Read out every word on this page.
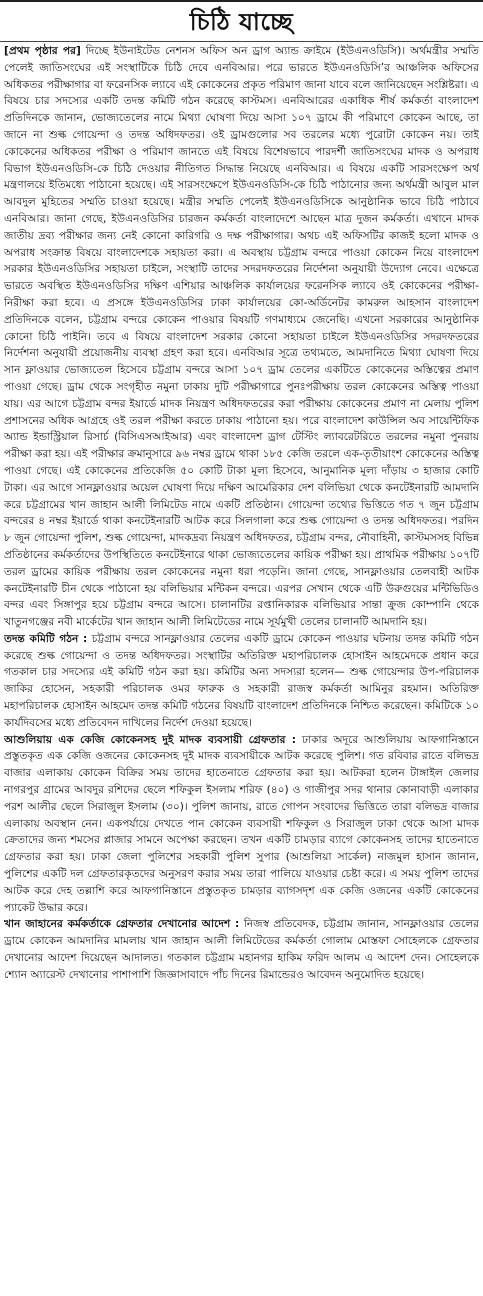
চিঠি যাচ্ছে

[প্রথম পৃষ্ঠার পর] দিচ্ছে ইউনাইটেড নেশনস অফিস অন ড্রাগ অ্যান্ড ক্রাইমে (ইউএনওডিসি)। অর্থমন্ত্রীর সম্মতি পেলেই জাতিসংঘের এই সংস্থাটিকে চিঠি দেবে এনবিআর। পরে ভারতে ইউএনওডিসি’র আঞ্চলিক অফিসের অধিকতর পরীক্ষাগার বা ফরেনসিক ল্যাবে এই কোকেনের প্রকৃত পরিমাণ জানা যাবে বলে জানিয়েছেন সংশ্লিষ্টরা। এ বিষয়ে চার সদস্যের একটি তদন্ত কমিটি গঠন করেছে কাস্টমস। এনবিআরের একাধিক শীর্ষ কর্মকর্তা বাংলাদেশ প্রতিদিনকে জানান, ভোজ্যতেলের নামে মিথ্যা ঘোষণা দিয়ে আসা ১০৭ ড্রামে কী পরিমাণে কোকেন আছে, তা জানে না শুল্ক গোয়েন্দা ও তদন্ত অধিদফতর। ওই ড্রামগুলোর সব তরলের মধ্যে পুরোটা কোকেন নয়। তাই কোকেনের অধিকতর পরীক্ষা ও পরিমাণ জানতে এই বিষয়ে বিশেষভাবে পারদর্শী জাতিসংঘের মাদক ও অপরাধ বিভাগ ইউএনওডিসি-কে চিঠি দেওয়ার নীতিগত সিদ্ধান্ত নিয়েছে এনবিআর। এ বিষয়ে একটি সারসংক্ষেপ অর্থ মন্ত্রণালয়ে ইতিমধ্যে পাঠানো হয়েছে। এই সারসংক্ষেপে ইউএনওডিসি-কে চিঠি পাঠানোর জন্য অর্থমন্ত্রী আবুল মাল আবদুল মুহিতের সম্মতি চাওয়া হয়েছে। মন্ত্রীর সম্মতি পেলেই ইউএনওডিসিকে আনুষ্ঠানিক ভাবে চিঠি পাঠাবে এনবিআর। জানা গেছে, ইউএনওডিসির চারজন কর্মকর্তা বাংলাদেশে আছেন মাত্র দুজন কর্মকর্তা। এখানে মাদক জাতীয় দ্রব্য পরীক্ষার জন্য নেই কোনো কারিগরি ও দক্ষ পরীক্ষাগার। অথচ এই অফিসটির কাজই হলো মাদক ও অপরাধ সংক্রান্ত বিষয়ে বাংলাদেশকে সহায়তা করা। এ অবস্থায় চট্টগ্রাম বন্দরে পাওয়া কোকেন নিয়ে বাংলাদেশ সরকার ইউএনওডিসির সহায়তা চাইলে, সংস্থাটি তাদের সদরদফতরের নির্দেশনা অনুযায়ী উদ্যোগ নেবে। এক্ষেত্রে ভারতে অবস্থিত ইউএনওডিসির দক্ষিণ এশিয়ার আঞ্চলিক কার্যালয়ের ফরেনসিক ল্যাবে ওই কোকেনের পরীক্ষা-নিরীক্ষা করা হবে। এ প্রসঙ্গে ইউএনওডিসির ঢাকা কার্যালয়ের কো-অর্ডিনেটর কামরুল আহসান বাংলাদেশ প্রতিদিনকে বলেন, চট্টগ্রাম বন্দরে কোকেন পাওয়ার বিষয়টি গণমাধ্যমে জেনেছি। এখনো সরকারের আনুষ্ঠানিক কোনো চিঠি পাইনি। তবে এ বিষয়ে বাংলাদেশ সরকার কোনো সহায়তা চাইলে ইউএনওডিসির সদরদফতরের নির্দেশনা অনুযায়ী প্রয়োজনীয় ব্যবস্থা গ্রহণ করা হবে। এনবিআর সূত্রে তথ্যমতে, আমদানিতে মিথ্যা ঘোষণা দিয়ে সান ফ্লাওয়ার ভোজ্যতেল হিসেবে চট্টগ্রাম বন্দরে আসা ১০৭ ড্রাম তেলের একটিতে কোকেনের অস্তিত্বের প্রমাণ পাওয়া গেছে। ড্রাম থেকে সংগৃহীত নমুনা ঢাকায় দুটি পরীক্ষাগারে পুনঃপরীক্ষায় তরল কোকেনের অস্তিত্ব পাওয়া যায়। এর আগে চট্টগ্রাম বন্দর ইয়ার্ডে মাদক নিয়ন্ত্রণ অধিদফতরের করা পরীক্ষায় কোকেনের প্রমাণ না মেলায় পুলিশ প্রশাসনের অধিক আগ্রহে ওই তরল পরীক্ষা করতে ঢাকায় পাঠানো হয়। পরে বাংলাদেশ কাউন্সিল অব সায়েন্টিফিক অ্যান্ড ইন্ডাস্ট্রিয়াল রিসার্চ (বিসিএসআইআর) এবং বাংলাদেশ ড্রাগ টেস্টিং ল্যাবরেটরিতে তরলের নমুনা পুনরায় পরীক্ষা করা হয়। এই পরীক্ষার ক্রমানুসারে ৯৬ নম্বর ড্রামে থাকা ১৮৫ কেজি তরলে এক-তৃতীয়াংশ কোকেনের অস্তিত্ব পাওয়া গেছে। এই কোকেনের প্রতিকেজি ৫০ কোটি টাকা মূল্য হিসেবে, আনুমানিক মূল্য দাঁড়ায় ৩ হাজার কোটি টাকা। এর আগে সানফ্লাওয়ার অয়েল ঘোষণা দিয়ে দক্ষিণ আমেরিকার দেশ বলিভিয়া থেকে কনটেইনারটি আমদানি করে চট্টগ্রামের খান জাহান আলী লিমিটেড নামে একটি প্রতিষ্ঠান। গোয়েন্দা তথ্যের ভিত্তিতে গত ৭ জুন চট্টগ্রাম বন্দরের ৪ নম্বর ইয়ার্ডে থাকা কনটেইনারটি আটক করে সিলগালা করে শুল্ক গোয়েন্দা ও তদন্ত অধিদফতর। পরদিন ৮ জুন গোয়েন্দা পুলিশ, শুল্ক গোয়েন্দা, মাদকদ্রব্য নিয়ন্ত্রণ অধিদফতর, চট্টগ্রাম বন্দর, নৌবাহিনী, কাস্টমসসহ বিভিন্ন প্রতিষ্ঠানের কর্মকর্তাদের উপস্থিতিতে কনটেইনারে থাকা ভোজ্যতেলের কায়িক পরীক্ষা হয়। প্রাথমিক পরীক্ষায় ১০৭টি তরল ড্রামের কায়িক পরীক্ষায় তরল কোকেনের নমুনা ধরা পড়েনি। জানা গেছে, সানফ্লাওয়ার তেলবাহী আটক কনটেইনারটি চীন থেকে পাঠানো হয় বলিভিয়ার মন্টিকন বন্দরে। এরপর সেখান থেকে এটি উরুগুয়ের মন্টিভিডিও বন্দর এবং সিঙ্গাপুর হয়ে চট্টগ্রাম বন্দরে আসে। চালানটির রপ্তানিকারক বলিভিয়ার সান্তা ক্রুজ কোম্পানি থেকে খাতুনগঞ্জের নবী মার্কেটের খান জাহান আলী লিমিটেডের নামে সূর্যমুখী তেলের চালানটি আমদানি হয়।

তদন্ত কমিটি গঠন : চট্টগ্রাম বন্দরে সানফ্লাওয়ার তেলের একটি ড্রামে কোকেন পাওয়ার ঘটনায় তদন্ত কমিটি গঠন করেছে শুল্ক গোয়েন্দা ও তদন্ত অধিদফতর। সংস্থাটির অতিরিক্ত মহাপরিচালক হোসাইন আহমেদকে প্রধান করে গতকাল চার সদস্যের এই কমিটি গঠন করা হয়। কমিটির অন্য সদস্যরা হলেন— শুল্ক গোয়েন্দার উপ-পরিচালক জাকির হোসেন, সহকারী পরিচালক ওমর ফারুক ও সহকারী রাজস্ব কর্মকর্তা আমিনুর রহমান। অতিরিক্ত মহাপরিচালক হোসাইন আহমেদ তদন্ত কমিটি গঠনের বিষয়টি বাংলাদেশ প্রতিদিনকে নিশ্চিত করেছেন। কমিটিকে ১০ কার্যদিবসের মধ্যে প্রতিবেদন দাখিলের নির্দেশ দেওয়া হয়েছে।

আশুলিয়ায় এক কেজি কোকেনসহ দুই মাদক ব্যবসায়ী গ্রেফতার : ঢাকার অদূরে আশুলিয়ায় আফগানিস্তানে প্রস্তুতকৃত এক কেজি ওজনের কোকেনসহ দুই মাদক ব্যবসায়ীকে আটক করেছে পুলিশ। গত রবিবার রাতে বলিভদ্র বাজার এলাকায় কোকেন বিক্রির সময় তাদের হাতেনাতে গ্রেফতার করা হয়। আটকরা হলেন টাঙ্গাইল জেলার নাগরপুর গ্রামের আবদুর রশিদের ছেলে শফিকুল ইসলাম শরিফ (৪০) ও গাজীপুর সদর থানার কোনাবাড়ী এলাকার পরশ আলীর ছেলে সিরাজুল ইসলাম (৩০)। পুলিশ জানায়, রাতে গোপন সংবাদের ভিত্তিতে তারা বলিভদ্র বাজার এলাকায় অবস্থান নেন। একপর্যায়ে দেখতে পান কোকেন ব্যবসায়ী শফিকুল ও সিরাজুল ঢাকা থেকে আসা মাদক ক্রেতাদের জন্য শমসের প্লাজার সামনে অপেক্ষা করছেন। তখন একটি চামড়ার ব্যাগে কোকেনসহ তাদের হাতেনাতে গ্রেফতার করা হয়। ঢাকা জেলা পুলিশের সহকারী পুলিশ সুপার (আশুলিয়া সার্কেল) নাজমুল হাসান জানান, পুলিশের একটি দল গ্রেফতারকৃতদের অনুসরণ করার সময় তারা পালিয়ে যাওয়ার চেষ্টা করে। এ সময় পুলিশ তাদের আটক করে দেহ তল্লাশি করে আফগানিস্তানে প্রস্তুতকৃত চামড়ার ব্যাগসদৃশ এক কেজি ওজনের একটি কোকেনের প্যাকেট উদ্ধার করে।

খান জাহানের কর্মকর্তাকে গ্রেফতার দেখানোর আদেশ : নিজস্ব প্রতিবেদক, চট্টগ্রাম জানান, সানফ্লাওয়ার তেলের ড্রামে কোকেন আমদানির মামলায় খান জাহান আলী লিমিটেডের কর্মকর্তা গোলাম মোস্তফা সোহেলকে গ্রেফতার দেখানোর আদেশ দিয়েছেন আদালত। গতকাল চট্টগ্রাম মহানগর হাকিম ফরিদ আলম এ আদেশ দেন। সোহেলকে শ্যোন অ্যারেস্ট দেখানোর পাশাপাশি জিজ্ঞাসাবাদে পাঁচ দিনের রিমান্ডেরও আবেদন অনুমোদিত হয়েছে।
